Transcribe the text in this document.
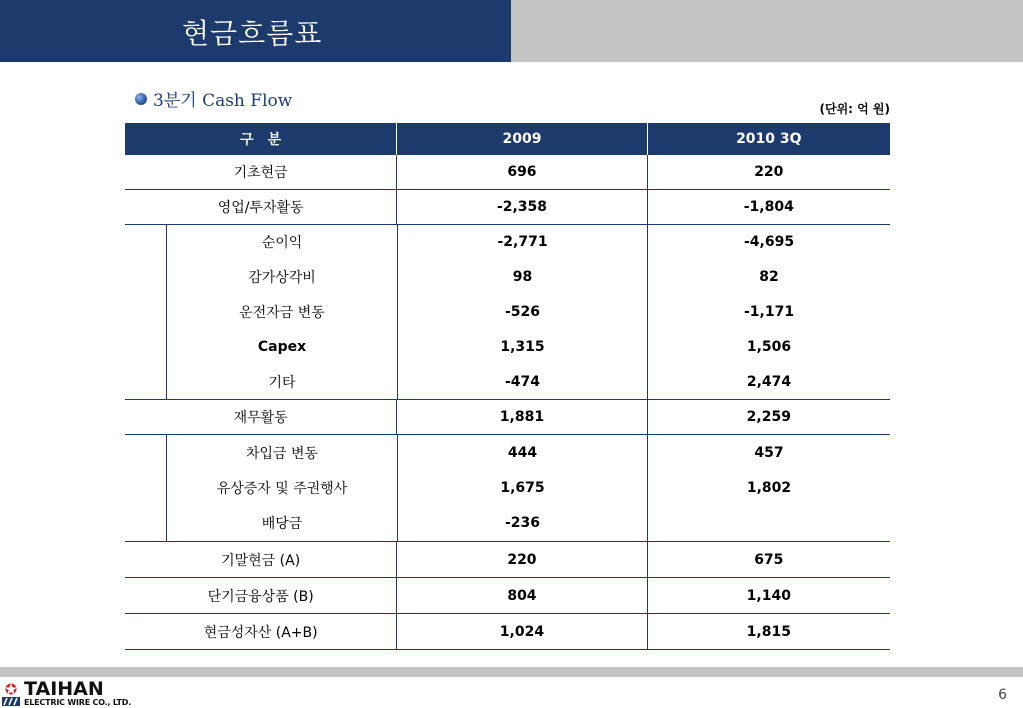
현금흐름표
3분기 Cash Flow	(단위: 억 원)
구　분	2009	2010 3Q
기초현금	696	220
영업/투자활동	-2,358	-1,804
순이익	-2,771	-4,695
감가상각비	98	82
운전자금 변동	-526	-1,171
Capex	1,315	1,506
기타	-474	2,474
재무활동	1,881	2,259
차입금 변동	444	457
유상증자 및 주권행사	1,675	1,802
배당금	-236
기말현금 (A)	220	675
단기금융상품 (B)	804	1,140
현금성자산 (A+B)	1,024	1,815
TAIHAN
ELECTRIC WIRE CO., LTD.	6
